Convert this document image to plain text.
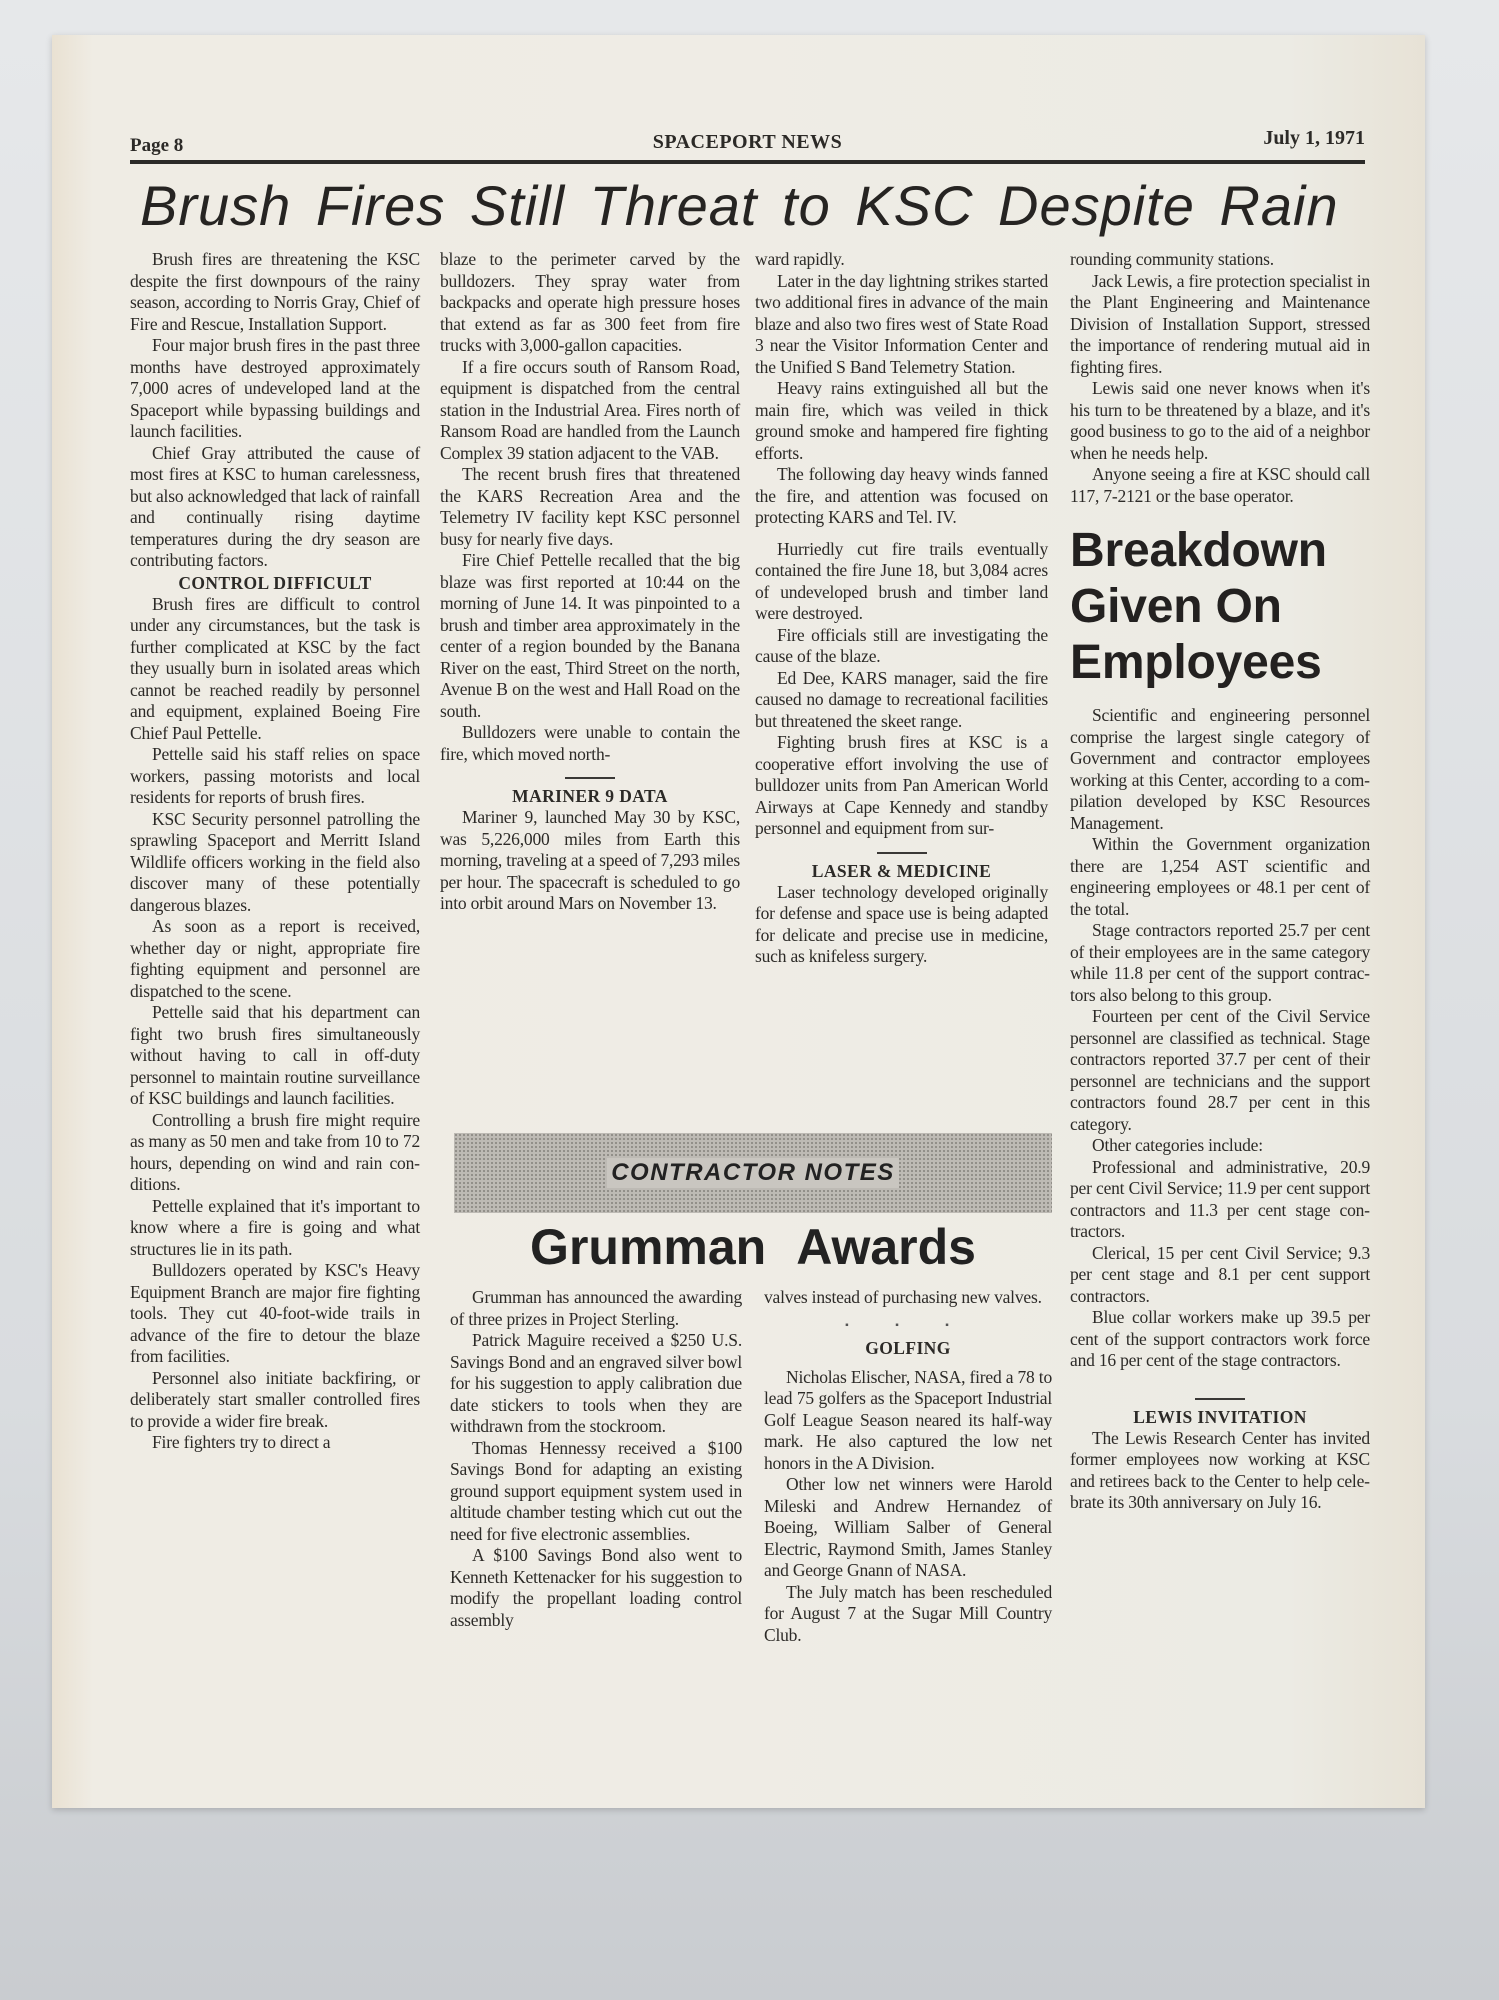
Page 8	SPACEPORT NEWS	July 1, 1971
Brush Fires Still Threat to KSC Despite Rain

Brush fires are threatening the KSC despite the first downpours of the rainy season, according to Norris Gray, Chief of Fire and Rescue, Installation Support.

Four major brush fires in the past three months have destroyed approximately 7,000 acres of undeveloped land at the Spaceport while bypassing buildings and launch facilities.

Chief Gray attributed the cause of most fires at KSC to human carelessness, but also acknowledged that lack of rainfall and continually rising daytime temperatures during the dry season are contributing factors.

CONTROL DIFFICULT

Brush fires are difficult to control under any circumstances, but the task is further complicated at KSC by the fact they usually burn in isolated areas which cannot be reached readily by personnel and equipment, explained Boeing Fire Chief Paul Pettelle.

Pettelle said his staff relies on space workers, passing motorists and local residents for reports of brush fires.

KSC Security personnel patrolling the sprawling Spaceport and Merritt Island Wildlife officers working in the field also discover many of these potentially dangerous blazes.

As soon as a report is received, whether day or night, appropriate fire fighting equipment and personnel are dispatched to the scene.

Pettelle said that his department can fight two brush fires simultaneously without having to call in off-duty personnel to maintain routine surveillance of KSC buildings and launch facilities.

Controlling a brush fire might require as many as 50 men and take from 10 to 72 hours, depending on wind and rain conditions.

Pettelle explained that it's important to know where a fire is going and what structures lie in its path.

Bulldozers operated by KSC's Heavy Equipment Branch are major fire fighting tools. They cut 40-foot-wide trails in advance of the fire to detour the blaze from facilities.

Personnel also initiate backfiring, or deliberately start smaller controlled fires to provide a wider fire break.

Fire fighters try to direct a

blaze to the perimeter carved by the bulldozers. They spray water from backpacks and operate high pressure hoses that extend as far as 300 feet from fire trucks with 3,000-gallon capacities.

If a fire occurs south of Ransom Road, equipment is dispatched from the central station in the Industrial Area. Fires north of Ransom Road are handled from the Launch Complex 39 station adjacent to the VAB.

The recent brush fires that threatened the KARS Recreation Area and the Telemetry IV facility kept KSC personnel busy for nearly five days.

Fire Chief Pettelle recalled that the big blaze was first reported at 10:44 on the morning of June 14. It was pinpointed to a brush and timber area approximately in the center of a region bounded by the Banana River on the east, Third Street on the north, Avenue B on the west and Hall Road on the south.

Bulldozers were unable to contain the fire, which moved north-

MARINER 9 DATA

Mariner 9, launched May 30 by KSC, was 5,226,000 miles from Earth this morning, traveling at a speed of 7,293 miles per hour. The spacecraft is scheduled to go into orbit around Mars on November 13.

ward rapidly.

Later in the day lightning strikes started two additional fires in advance of the main blaze and also two fires west of State Road 3 near the Visitor Information Center and the Unified S Band Telemetry Station.

Heavy rains extinguished all but the main fire, which was veiled in thick ground smoke and hampered fire fighting efforts.

The following day heavy winds fanned the fire, and attention was focused on protecting KARS and Tel. IV.

Hurriedly cut fire trails eventually contained the fire June 18, but 3,084 acres of undeveloped brush and timber land were destroyed.

Fire officials still are investigating the cause of the blaze.

Ed Dee, KARS manager, said the fire caused no damage to recreational facilities but threatened the skeet range.

Fighting brush fires at KSC is a cooperative effort involving the use of bulldozer units from Pan American World Airways at Cape Kennedy and standby personnel and equipment from sur-

LASER & MEDICINE

Laser technology developed originally for defense and space use is being adapted for delicate and precise use in medicine, such as knifeless surgery.

rounding community stations.

Jack Lewis, a fire protection specialist in the Plant Engineering and Maintenance Division of Installation Support, stressed the importance of rendering mutual aid in fighting fires.

Lewis said one never knows when it's his turn to be threatened by a blaze, and it's good business to go to the aid of a neighbor when he needs help.

Anyone seeing a fire at KSC should call 117, 7-2121 or the base operator.

Breakdown
Given On
Employees

Scientific and engineering personnel comprise the largest single category of Government and contractor employees working at this Center, according to a compilation developed by KSC Resources Management.

Within the Government organization there are 1,254 AST scientific and engineering employees or 48.1 per cent of the total.

Stage contractors reported 25.7 per cent of their employees are in the same category while 11.8 per cent of the support contractors also belong to this group.

Fourteen per cent of the Civil Service personnel are classified as technical. Stage contractors reported 37.7 per cent of their personnel are technicians and the support contractors found 28.7 per cent in this category.

Other categories include:

Professional and administrative, 20.9 per cent Civil Service; 11.9 per cent support contractors and 11.3 per cent stage contractors.

Clerical, 15 per cent Civil Service; 9.3 per cent stage and 8.1 per cent support contractors.

Blue collar workers make up 39.5 per cent of the support contractors work force and 16 per cent of the stage contractors.

LEWIS INVITATION

The Lewis Research Center has invited former employees now working at KSC and retirees back to the Center to help celebrate its 30th anniversary on July 16.

CONTRACTOR NOTES
Grumman Awards

Grumman has announced the awarding of three prizes in Project Sterling.

Patrick Maguire received a $250 U.S. Savings Bond and an engraved silver bowl for his suggestion to apply calibration due date stickers to tools when they are withdrawn from the stockroom.

Thomas Hennessy received a $100 Savings Bond for adapting an existing ground support equipment system used in altitude chamber testing which cut out the need for five electronic assemblies.

A $100 Savings Bond also went to Kenneth Kettenacker for his suggestion to modify the propellant loading control assembly

valves instead of purchasing new valves.

▪ ▪ ▪
GOLFING

Nicholas Elischer, NASA, fired a 78 to lead 75 golfers as the Spaceport Industrial Golf League Season neared its half-way mark. He also captured the low net honors in the A Division.

Other low net winners were Harold Mileski and Andrew Hernandez of Boeing, William Salber of General Electric, Raymond Smith, James Stanley and George Gnann of NASA.

The July match has been rescheduled for August 7 at the Sugar Mill Country Club.
